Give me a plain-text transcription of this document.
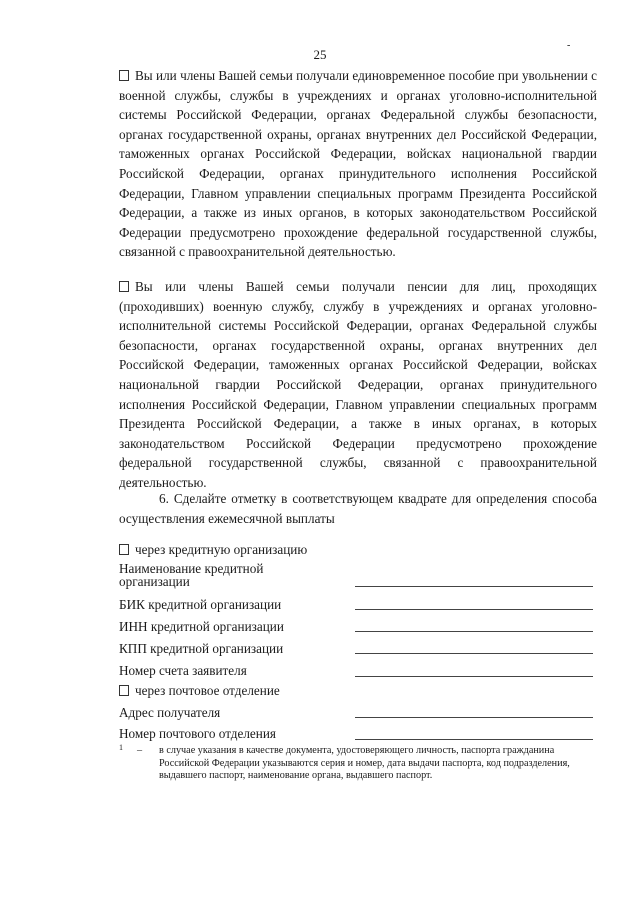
25
-

Вы или члены Вашей семьи получали единовременное пособие при увольнении с военной службы, службы в учреждениях и органах уголовно-исполнительной системы Российской Федерации, органах Федеральной службы безопасности, органах государственной охраны, органах внутренних дел Российской Федерации, таможенных органах Российской Федерации, войсках национальной гвардии Российской Федерации, органах принудительного исполнения Российской Федерации, Главном управлении специальных программ Президента Российской Федерации, а также из иных органов, в которых законодательством Российской Федерации предусмотрено прохождение федеральной государственной службы, связанной с правоохранительной деятельностью.

Вы или члены Вашей семьи получали пенсии для лиц, проходящих (проходивших) военную службу, службу в учреждениях и органах уголовно-исполнительной системы Российской Федерации, органах Федеральной службы безопасности, органах государственной охраны, органах внутренних дел Российской Федерации, таможенных органах Российской Федерации, войсках национальной гвардии Российской Федерации, органах принудительного исполнения Российской Федерации, Главном управлении специальных программ Президента Российской Федерации, а также в иных органах, в которых законодательством Российской Федерации предусмотрено прохождение федеральной государственной службы, связанной с правоохранительной деятельностью.

6. Сделайте отметку в соответствующем квадрате для определения способа осуществления ежемесячной выплаты

через кредитную организацию
Наименование кредитной
организации
БИК кредитной организации
ИНН кредитной организации
КПП кредитной организации
Номер счета заявителя
через почтовое отделение
Адрес получателя
Номер почтового отделения
1 – в случае указания в качестве документа, удостоверяющего личность, паспорта гражданина Российской Федерации указываются серия и номер, дата выдачи паспорта, код подразделения, выдавшего паспорт, наименование органа, выдавшего паспорт.
